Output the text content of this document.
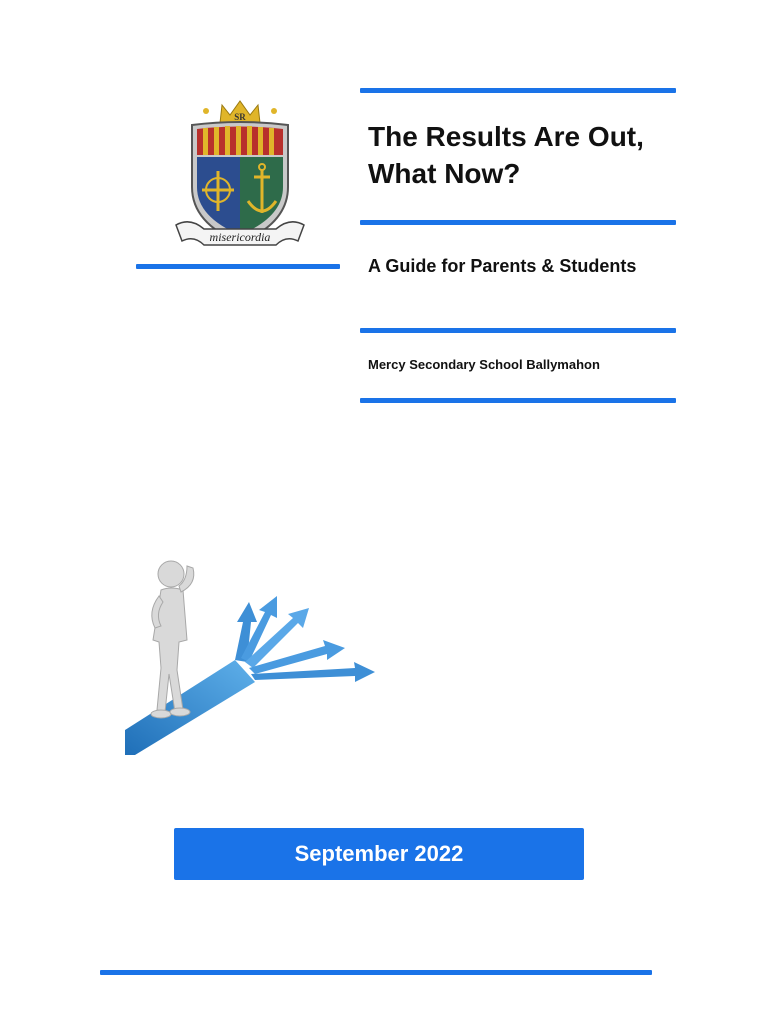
SR
misericordia
The Results Are Out, What Now?
A Guide for Parents & Students
Mercy Secondary School Ballymahon
September 2022
